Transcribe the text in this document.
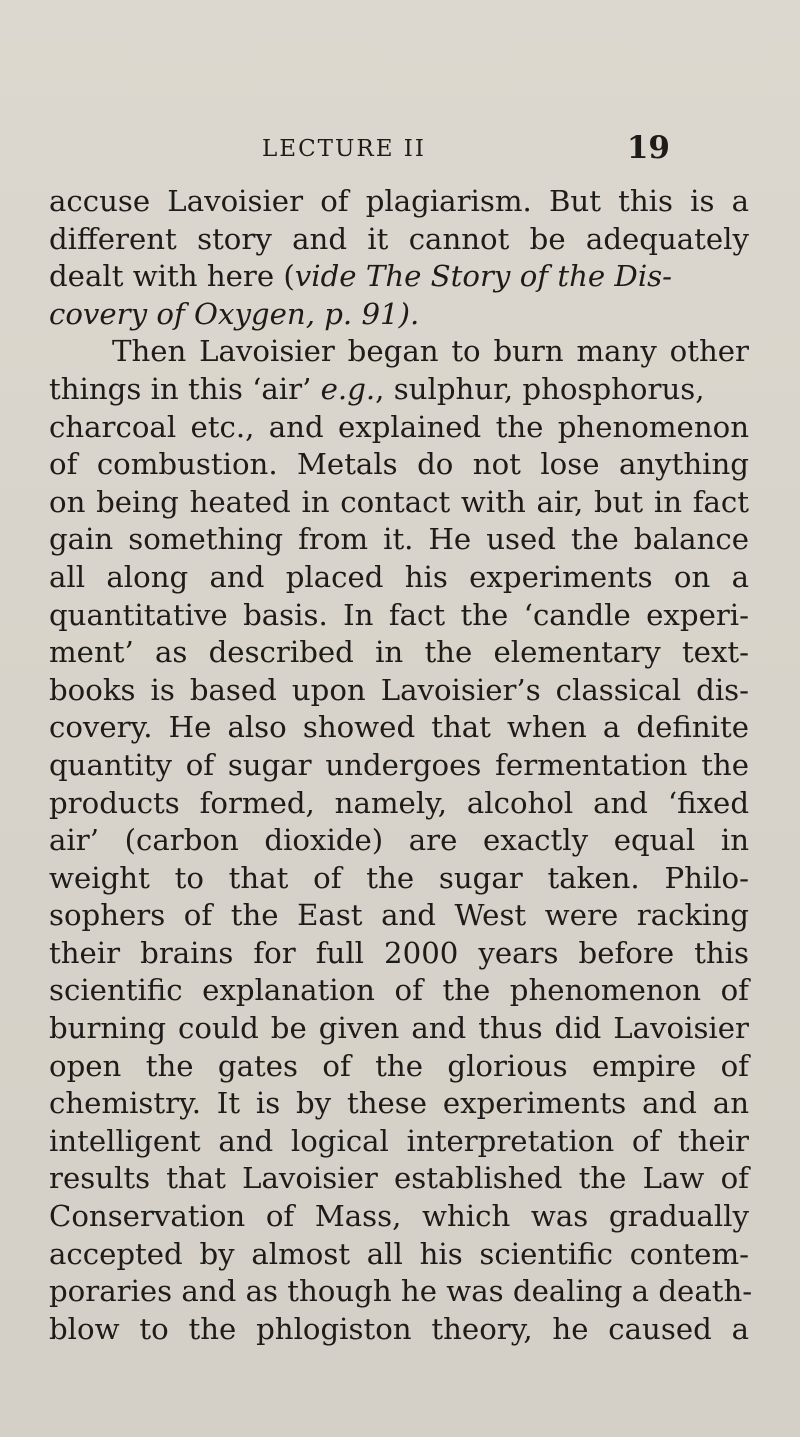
LECTURE II	19
accuse Lavoisier of plagiarism. But this is a
different story and it cannot be adequately
dealt with here (vide The Story of the Dis-
covery of Oxygen, p. 91).
Then Lavoisier began to burn many other
things in this ‘air’ e.g., sulphur, phosphorus,
charcoal etc., and explained the phenomenon
of combustion. Metals do not lose anything
on being heated in contact with air, but in fact
gain something from it. He used the balance
all along and placed his experiments on a
quantitative basis. In fact the ‘candle experi-
ment’ as described in the elementary text-
books is based upon Lavoisier’s classical dis-
covery. He also showed that when a definite
quantity of sugar undergoes fermentation the
products formed, namely, alcohol and ‘fixed
air’ (carbon dioxide) are exactly equal in
weight to that of the sugar taken. Philo-
sophers of the East and West were racking
their brains for full 2000 years before this
scientific explanation of the phenomenon of
burning could be given and thus did Lavoisier
open the gates of the glorious empire of
chemistry. It is by these experiments and an
intelligent and logical interpretation of their
results that Lavoisier established the Law of
Conservation of Mass, which was gradually
accepted by almost all his scientific contem-
poraries and as though he was dealing a death-
blow to the phlogiston theory, he caused a
